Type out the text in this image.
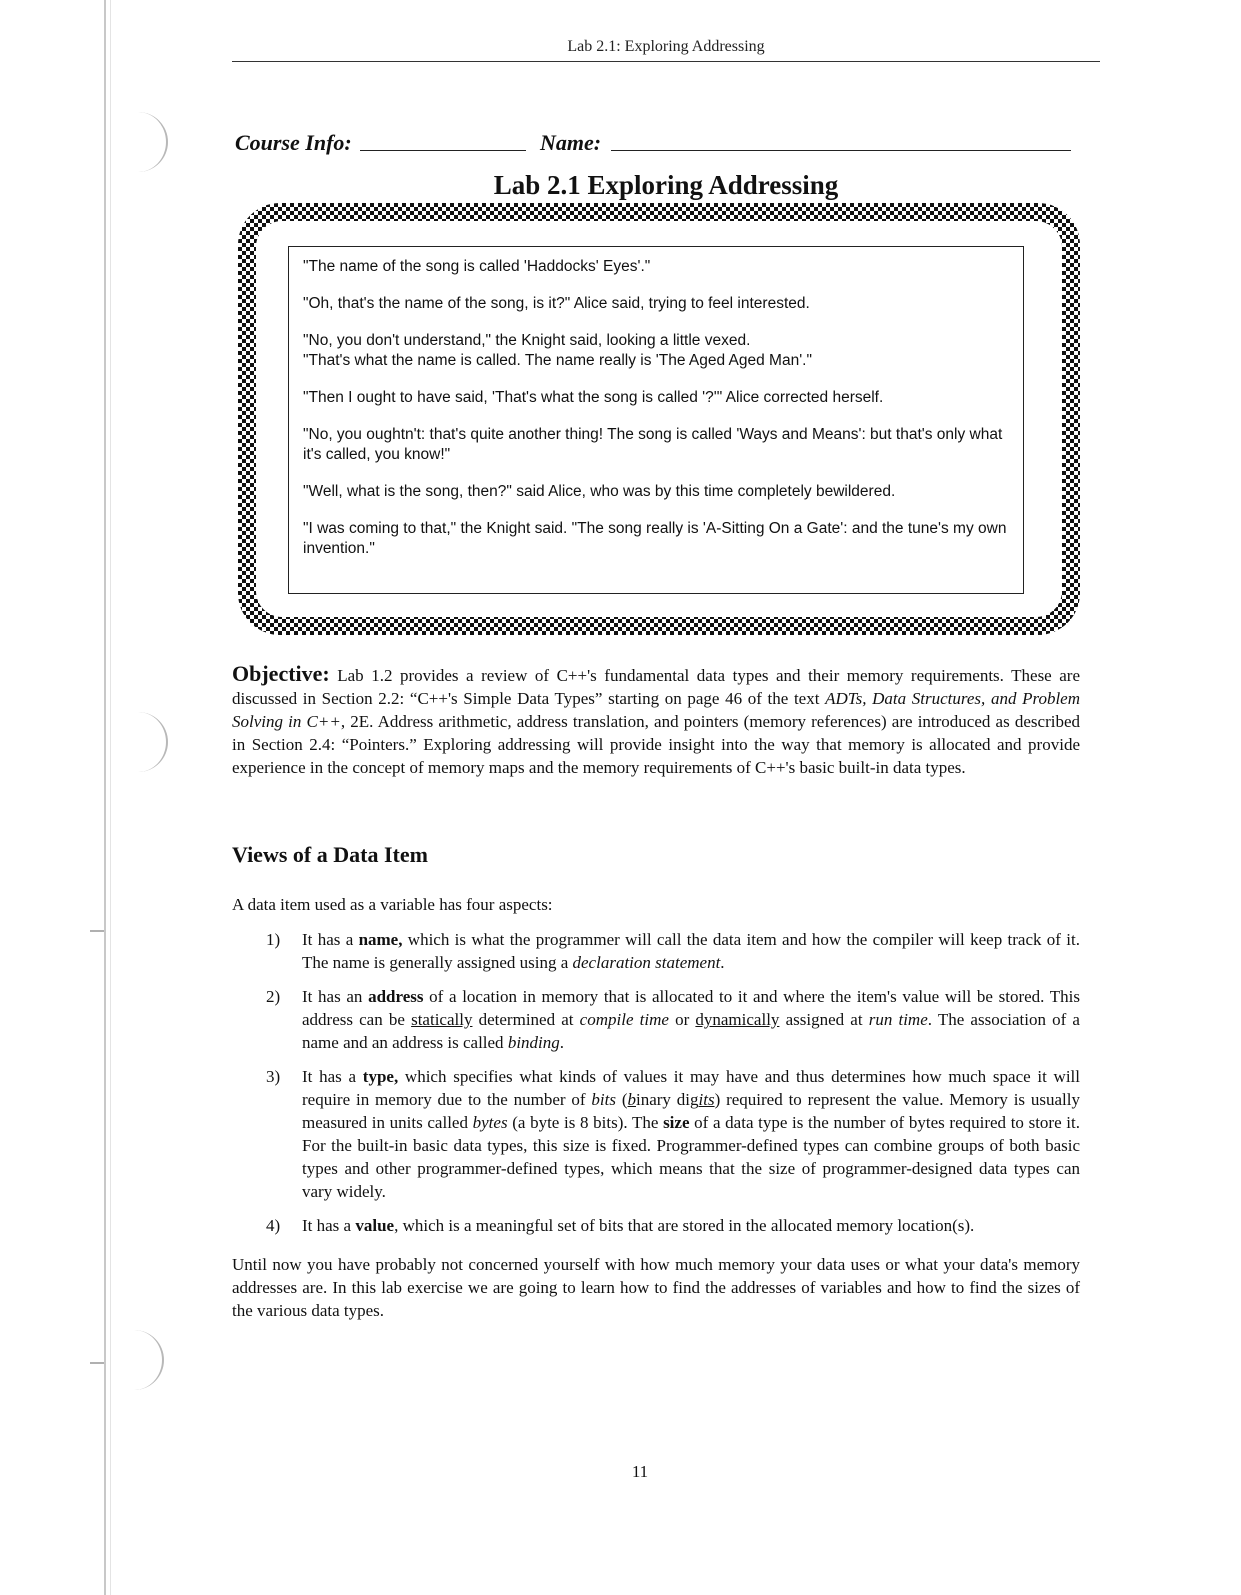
Lab 2.1: Exploring Addressing
Course Info:	Name:
Lab 2.1 Exploring Addressing

"The name of the song is called 'Haddocks' Eyes'."

"Oh, that's the name of the song, is it?" Alice said, trying to feel interested.

"No, you don't understand," the Knight said, looking a little vexed.

"That's what the name is called. The name really is 'The Aged Aged Man'."

"Then I ought to have said, 'That's what the song is called '?'" Alice corrected herself.

"No, you oughtn't: that's quite another thing! The song is called 'Ways and Means': but that's only what it's called, you know!"

"Well, what is the song, then?" said Alice, who was by this time completely bewildered.

"I was coming to that," the Knight said. "The song really is 'A-Sitting On a Gate': and the tune's my own invention."

Objective: Lab 1.2 provides a review of C++'s fundamental data types and their memory requirements. These are discussed in Section 2.2: “C++'s Simple Data Types” starting on page 46 of the text ADTs, Data Structures, and Problem Solving in C++, 2E. Address arithmetic, address translation, and pointers (memory references) are introduced as described in Section 2.4: “Pointers.” Exploring addressing will provide insight into the way that memory is allocated and provide experience in the concept of memory maps and the memory requirements of C++'s basic built-in data types.
Views of a Data Item
A data item used as a variable has four aspects:
1) It has a name, which is what the programmer will call the data item and how the compiler will keep track of it. The name is generally assigned using a declaration statement.
2) It has an address of a location in memory that is allocated to it and where the item's value will be stored. This address can be statically determined at compile time or dynamically assigned at run time. The association of a name and an address is called binding.
3) It has a type, which specifies what kinds of values it may have and thus determines how much space it will require in memory due to the number of bits (binary digits) required to represent the value. Memory is usually measured in units called bytes (a byte is 8 bits). The size of a data type is the number of bytes required to store it. For the built-in basic data types, this size is fixed. Programmer-defined types can combine groups of both basic types and other programmer-defined types, which means that the size of programmer-designed data types can vary widely.
4) It has a value, which is a meaningful set of bits that are stored in the allocated memory location(s).
Until now you have probably not concerned yourself with how much memory your data uses or what your data's memory addresses are. In this lab exercise we are going to learn how to find the addresses of variables and how to find the sizes of the various data types.
11
